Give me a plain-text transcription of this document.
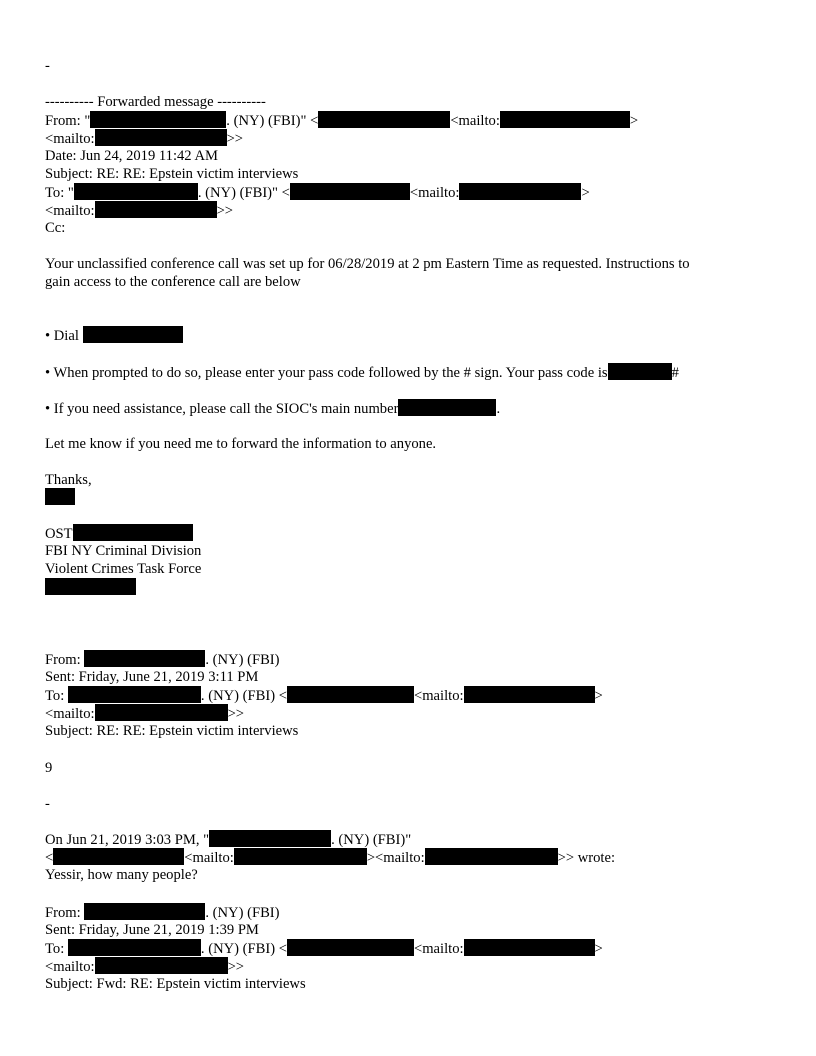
-
---------- Forwarded message ----------
From: "	. (NY) (FBI)" <	<mailto:	>
<mailto:	>>
Date: Jun 24, 2019 11:42 AM
Subject: RE: RE: Epstein victim interviews
To: "	. (NY) (FBI)" <	<mailto:	>
<mailto:	>>
Cc:
Your unclassified conference call was set up for 06/28/2019 at 2 pm Eastern Time as requested. Instructions to
gain access to the conference call are below
• Dial
• When prompted to do so, please enter your pass code followed by the # sign. Your pass code is	#
• If you need assistance, please call the SIOC's main number	.
Let me know if you need me to forward the information to anyone.
Thanks,
OST
FBI NY Criminal Division
Violent Crimes Task Force
From:	. (NY) (FBI)
Sent: Friday, June 21, 2019 3:11 PM
To:	. (NY) (FBI) <	<mailto:	>
<mailto:	>>
Subject: RE: RE: Epstein victim interviews
9
-
On Jun 21, 2019 3:03 PM, "	. (NY) (FBI)"
<	<mailto:	><mailto:	>> wrote:
Yessir, how many people?
From:	. (NY) (FBI)
Sent: Friday, June 21, 2019 1:39 PM
To:	. (NY) (FBI) <	<mailto:	>
<mailto:	>>
Subject: Fwd: RE: Epstein victim interviews
